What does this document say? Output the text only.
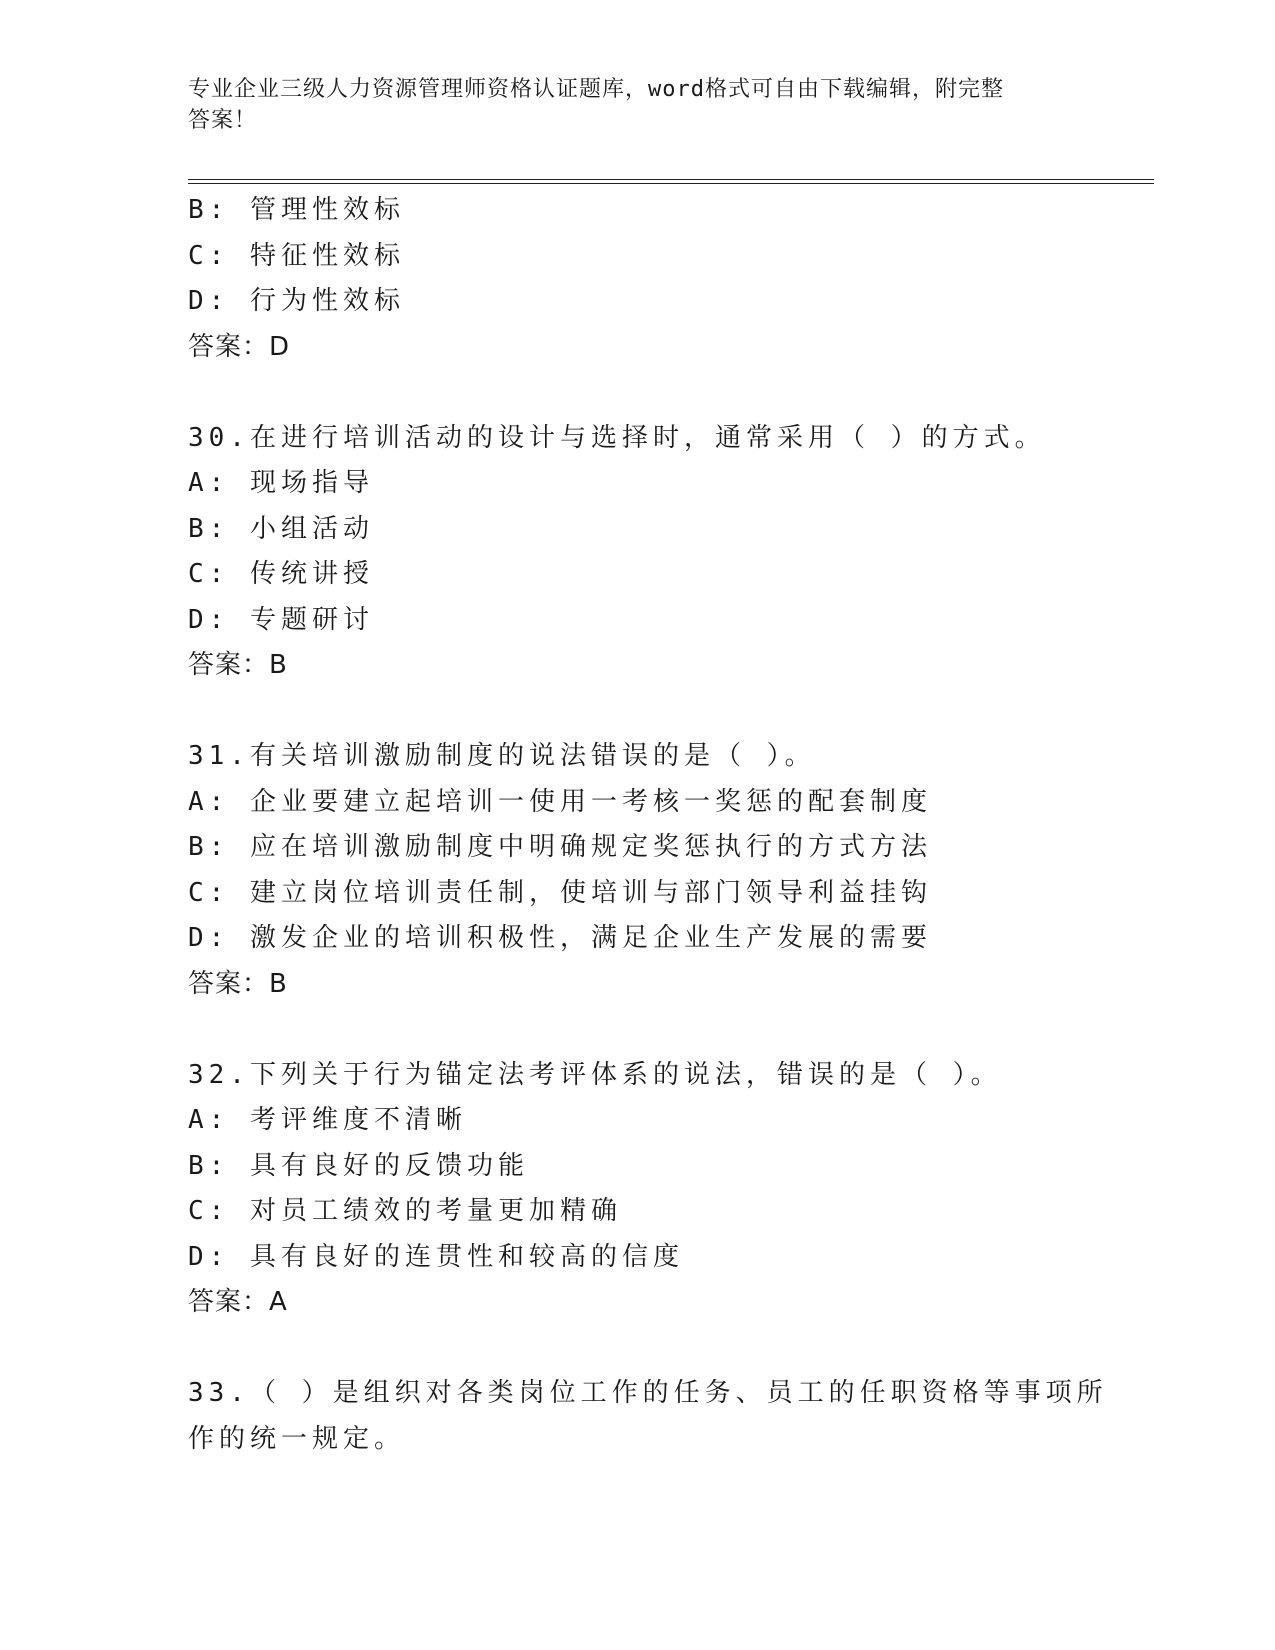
专业企业三级人力资源管理师资格认证题库，word格式可自由下载编辑，附完整
答案！
B: 管理性效标
C: 特征性效标
D: 行为性效标
答案：D
30.在进行培训活动的设计与选择时，通常采用（ ）的方式。
A: 现场指导
B: 小组活动
C: 传统讲授
D: 专题研讨
答案：B
31.有关培训激励制度的说法错误的是（ ）。
A: 企业要建立起培训一使用一考核一奖惩的配套制度
B: 应在培训激励制度中明确规定奖惩执行的方式方法
C: 建立岗位培训责任制，使培训与部门领导利益挂钩
D: 激发企业的培训积极性，满足企业生产发展的需要
答案：B
32.下列关于行为锚定法考评体系的说法，错误的是（ ）。
A: 考评维度不清晰
B: 具有良好的反馈功能
C: 对员工绩效的考量更加精确
D: 具有良好的连贯性和较高的信度
答案：A
33.（ ）是组织对各类岗位工作的任务、员工的任职资格等事项所
作的统一规定。
